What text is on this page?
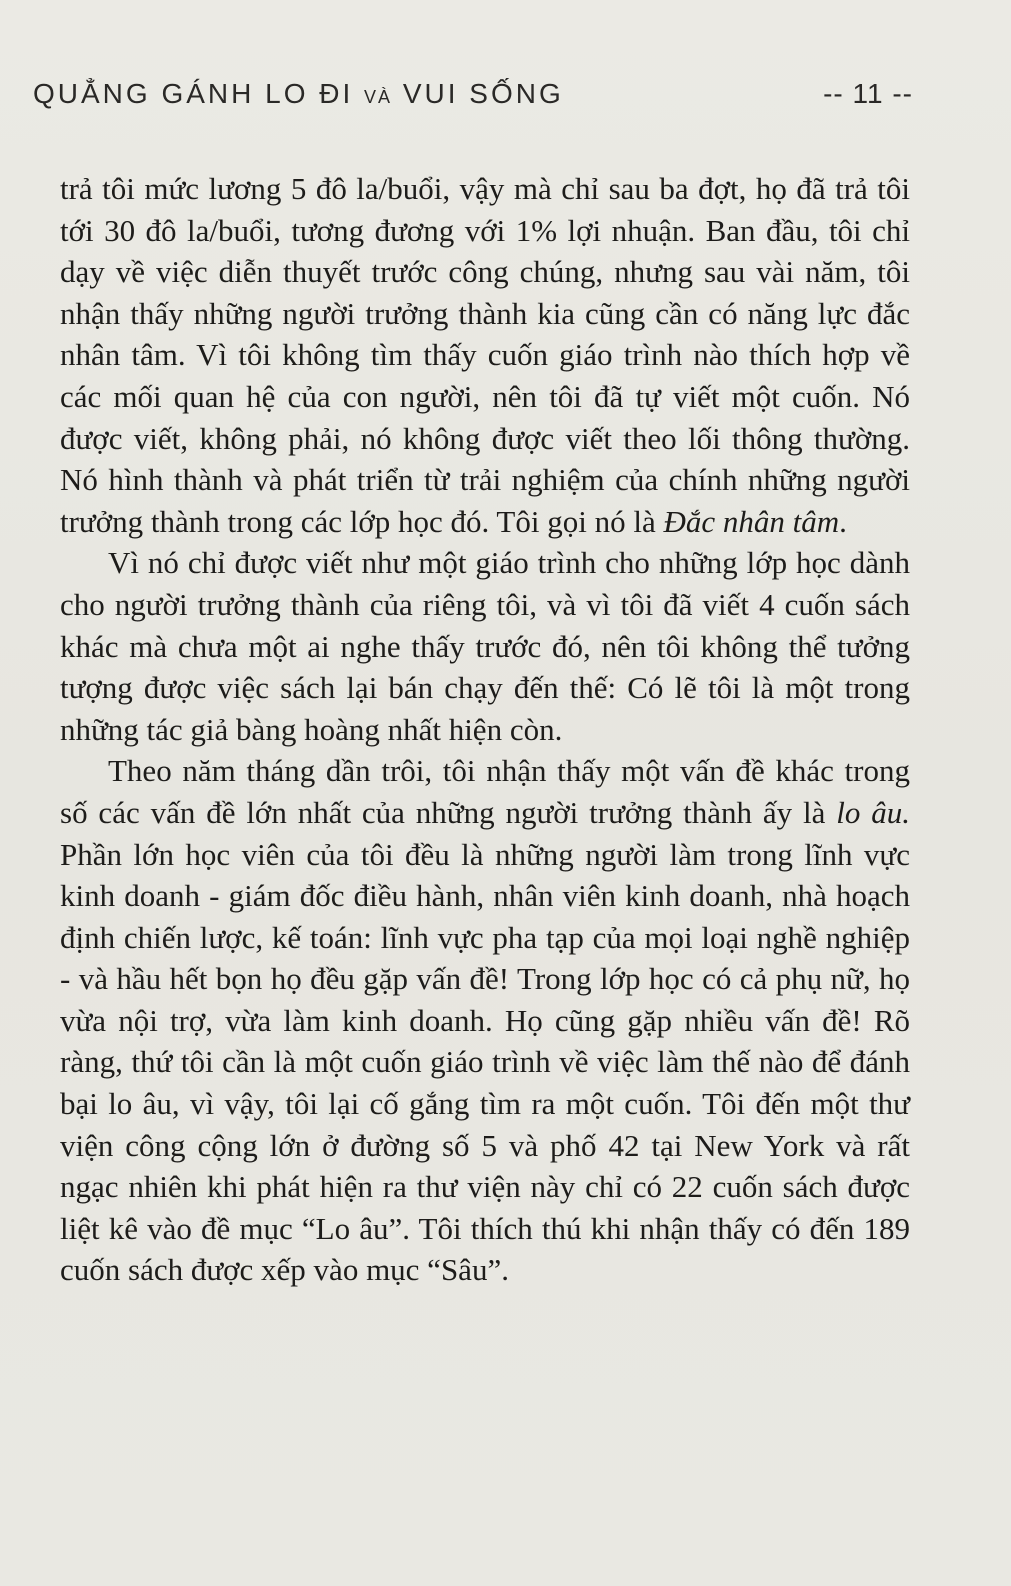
QUẲNG GÁNH LO ĐI VÀ VUI SỐNG	-- 11 --

trả tôi mức lương 5 đô la/buổi, vậy mà chỉ sau ba đợt, họ đã trả tôi tới 30 đô la/buổi, tương đương với 1% lợi nhuận. Ban đầu, tôi chỉ dạy về việc diễn thuyết trước công chúng, nhưng sau vài năm, tôi nhận thấy những người trưởng thành kia cũng cần có năng lực đắc nhân tâm. Vì tôi không tìm thấy cuốn giáo trình nào thích hợp về các mối quan hệ của con người, nên tôi đã tự viết một cuốn. Nó được viết, không phải, nó không được viết theo lối thông thường. Nó hình thành và phát triển từ trải nghiệm của chính những người trưởng thành trong các lớp học đó. Tôi gọi nó là Đắc nhân tâm.

Vì nó chỉ được viết như một giáo trình cho những lớp học dành cho người trưởng thành của riêng tôi, và vì tôi đã viết 4 cuốn sách khác mà chưa một ai nghe thấy trước đó, nên tôi không thể tưởng tượng được việc sách lại bán chạy đến thế: Có lẽ tôi là một trong những tác giả bàng hoàng nhất hiện còn.

Theo năm tháng dần trôi, tôi nhận thấy một vấn đề khác trong số các vấn đề lớn nhất của những người trưởng thành ấy là lo âu. Phần lớn học viên của tôi đều là những người làm trong lĩnh vực kinh doanh - giám đốc điều hành, nhân viên kinh doanh, nhà hoạch định chiến lược, kế toán: lĩnh vực pha tạp của mọi loại nghề nghiệp - và hầu hết bọn họ đều gặp vấn đề! Trong lớp học có cả phụ nữ, họ vừa nội trợ, vừa làm kinh doanh. Họ cũng gặp nhiều vấn đề! Rõ ràng, thứ tôi cần là một cuốn giáo trình về việc làm thế nào để đánh bại lo âu, vì vậy, tôi lại cố gắng tìm ra một cuốn. Tôi đến một thư viện công cộng lớn ở đường số 5 và phố 42 tại New York và rất ngạc nhiên khi phát hiện ra thư viện này chỉ có 22 cuốn sách được liệt kê vào đề mục “Lo âu”. Tôi thích thú khi nhận thấy có đến 189 cuốn sách được xếp vào mục “Sâu”.
